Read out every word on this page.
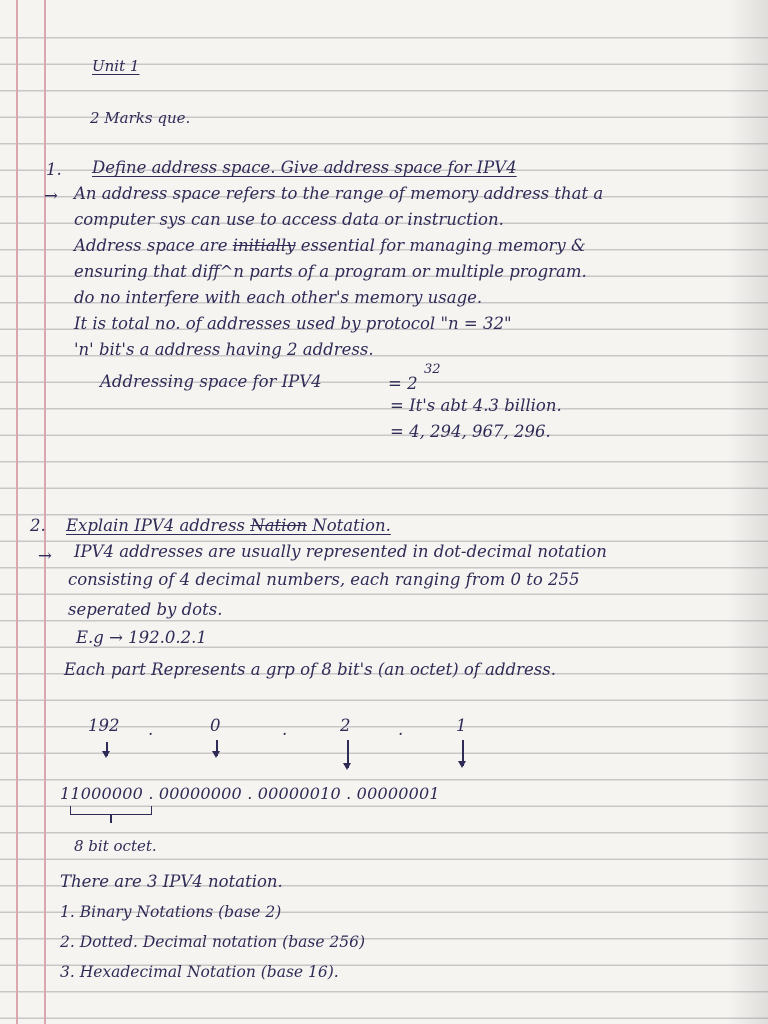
Unit 1
2 Marks que.
1. Define address space. Give address space for IPV4
→ An address space refers to the range of memory address that a
computer sys can use to access data or instruction.
Address space are initially essential for managing memory &
ensuring that diff^n parts of a program or multiple program.
do no interfere with each other's memory usage.
It is total no. of addresses used by protocol "n = 32"
'n' bit's a address having 2 address.
Addressing space for IPV4	= 2
32
= It's abt 4.3 billion.
= 4, 294, 967, 296.
2. Explain IPV4 address Nation Notation.
→ IPV4 addresses are usually represented in dot-decimal notation
consisting of 4 decimal numbers, each ranging from 0 to 255
seperated by dots.
E.g → 192.0.2.1
Each part Represents a grp of 8 bit's (an octet) of address.
192 .	0	.	2	.	1
11000000 . 00000000 . 00000010 . 00000001
8 bit octet.
There are 3 IPV4 notation.
1. Binary Notations (base 2)
2. Dotted. Decimal notation (base 256)
3. Hexadecimal Notation (base 16).
